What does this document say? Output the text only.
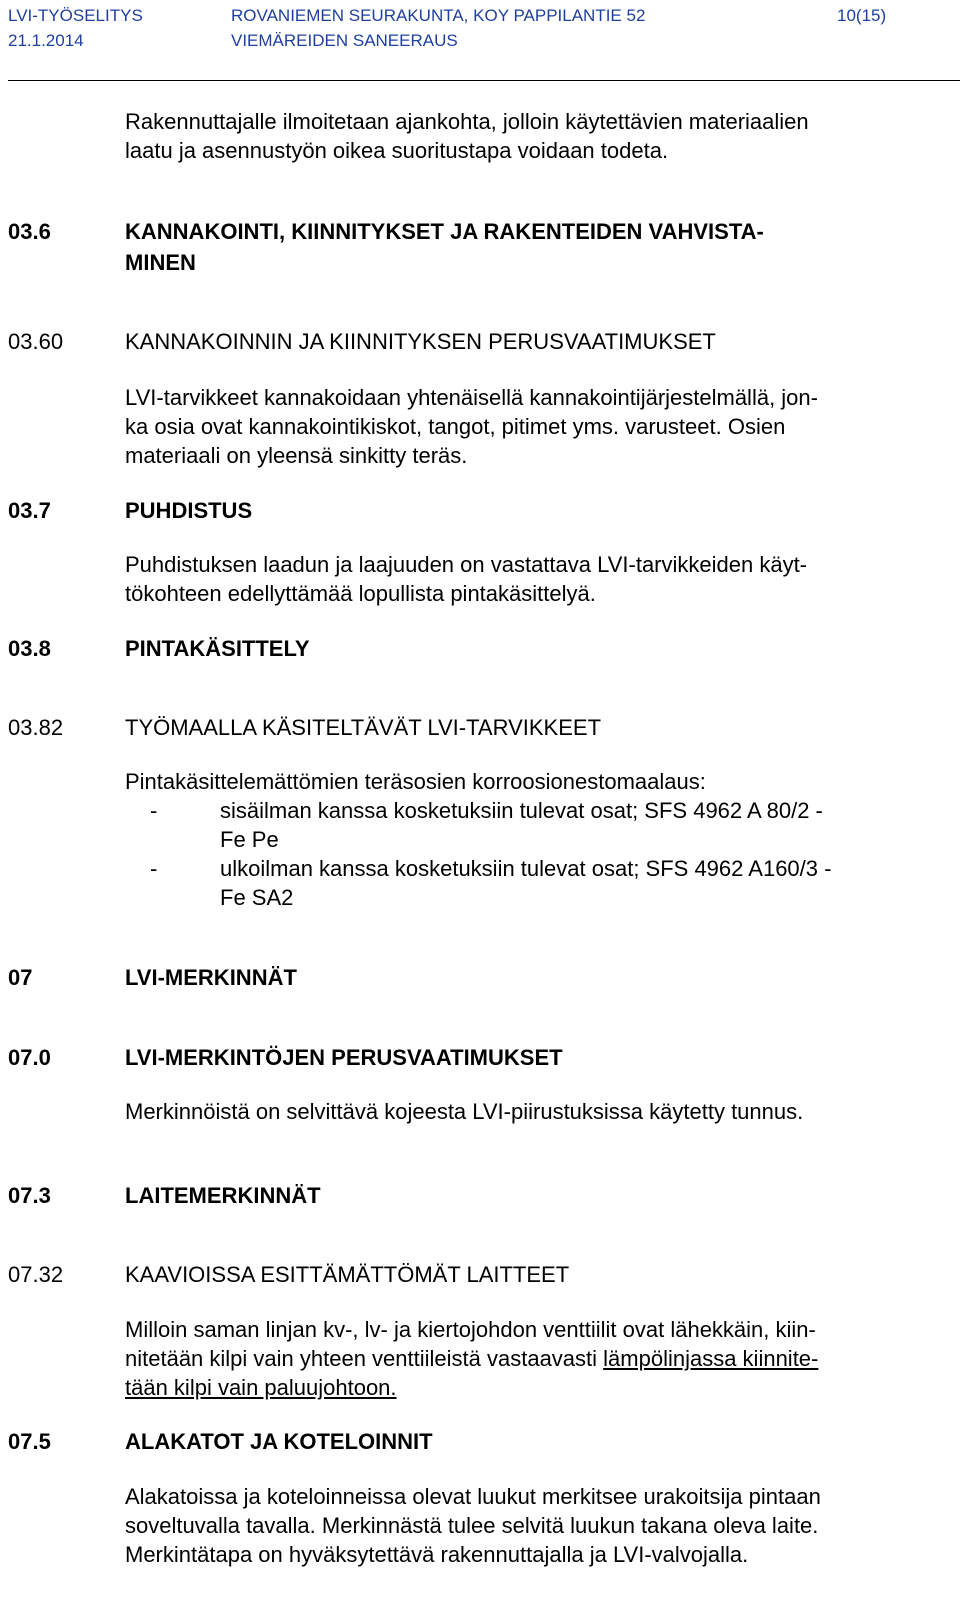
LVI-TYÖSELITYS
21.1.2014
ROVANIEMEN SEURAKUNTA, KOY PAPPILANTIE 52
VIEMÄREIDEN SANEERAUS
10(15)
Rakennuttajalle ilmoitetaan ajankohta, jolloin käytettävien materiaalien
laatu ja asennustyön oikea suoritustapa voidaan todeta.
03.6	KANNAKOINTI, KIINNITYKSET JA RAKENTEIDEN VAHVISTA-
MINEN
03.60	KANNAKOINNIN JA KIINNITYKSEN PERUSVAATIMUKSET
LVI-tarvikkeet kannakoidaan yhtenäisellä kannakointijärjestelmällä, jon-
ka osia ovat kannakointikiskot, tangot, pitimet yms. varusteet. Osien
materiaali on yleensä sinkitty teräs.
03.7	PUHDISTUS
Puhdistuksen laadun ja laajuuden on vastattava LVI-tarvikkeiden käyt-
tökohteen edellyttämää lopullista pintakäsittelyä.
03.8	PINTAKÄSITTELY
03.82	TYÖMAALLA KÄSITELTÄVÄT LVI-TARVIKKEET
Pintakäsittelemättömien teräsosien korroosionestomaalaus:
-	sisäilman kanssa kosketuksiin tulevat osat; SFS 4962 A 80/2 -
Fe Pe
-	ulkoilman kanssa kosketuksiin tulevat osat; SFS 4962 A160/3 -
Fe SA2
07	LVI-MERKINNÄT
07.0	LVI-MERKINTÖJEN PERUSVAATIMUKSET
Merkinnöistä on selvittävä kojeesta LVI-piirustuksissa käytetty tunnus.
07.3	LAITEMERKINNÄT
07.32	KAAVIOISSA ESITTÄMÄTTÖMÄT LAITTEET
Milloin saman linjan kv-, lv- ja kiertojohdon venttiilit ovat lähekkäin, kiin-
nitetään kilpi vain yhteen venttiileistä vastaavasti lämpölinjassa kiinnite-
tään kilpi vain paluujohtoon.
07.5	ALAKATOT JA KOTELOINNIT
Alakatoissa ja koteloinneissa olevat luukut merkitsee urakoitsija pintaan
soveltuvalla tavalla. Merkinnästä tulee selvitä luukun takana oleva laite.
Merkintätapa on hyväksytettävä rakennuttajalla ja LVI-valvojalla.
